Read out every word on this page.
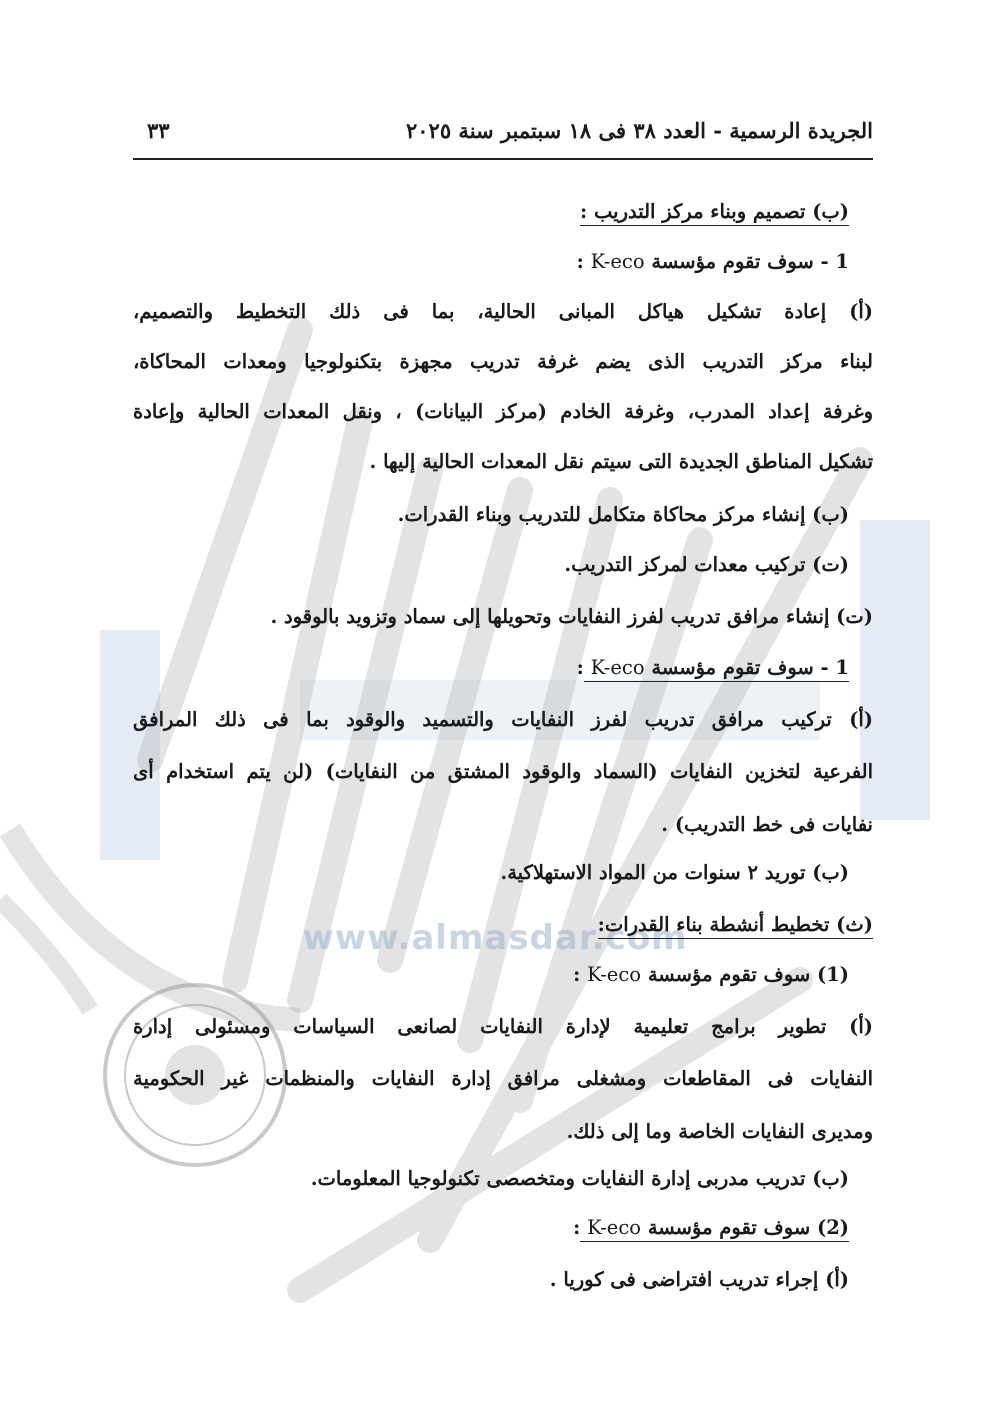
www.almasdar.com
الجريدة الرسمية - العدد ٣٨ فى ١٨ سبتمبر سنة ٢٠٢٥
٣٣
(ب) تصميم وبناء مركز التدريب :
1 - سوف تقوم مؤسسة K-eco :
(أ) إعادة تشكيل هياكل المبانى الحالية، بما فى ذلك التخطيط والتصميم،
لبناء مركز التدريب الذى يضم غرفة تدريب مجهزة بتكنولوجيا ومعدات المحاكاة،
وغرفة إعداد المدرب، وغرفة الخادم (مركز البيانات) ، ونقل المعدات الحالية وإعادة
تشكيل المناطق الجديدة التى سيتم نقل المعدات الحالية إليها .
(ب) إنشاء مركز محاكاة متكامل للتدريب وبناء القدرات.
(ت) تركيب معدات لمركز التدريب.
(ت) إنشاء مرافق تدريب لفرز النفايات وتحويلها إلى سماد وتزويد بالوقود .
1 - سوف تقوم مؤسسة K-eco :
(أ) تركيب مرافق تدريب لفرز النفايات والتسميد والوقود بما فى ذلك المرافق
الفرعية لتخزين النفايات (السماد والوقود المشتق من النفايات) (لن يتم استخدام أى
نفايات فى خط التدريب) .
(ب) توريد ٢ سنوات من المواد الاستهلاكية.
(ث) تخطيط أنشطة بناء القدرات:
(1) سوف تقوم مؤسسة K-eco :
(أ) تطوير برامج تعليمية لإدارة النفايات لصانعى السياسات ومسئولى إدارة
النفايات فى المقاطعات ومشغلى مرافق إدارة النفايات والمنظمات غير الحكومية
ومديرى النفايات الخاصة وما إلى ذلك.
(ب) تدريب مدربى إدارة النفايات ومتخصصى تكنولوجيا المعلومات.
(2) سوف تقوم مؤسسة K-eco :
(أ) إجراء تدريب افتراضى فى كوريا .
